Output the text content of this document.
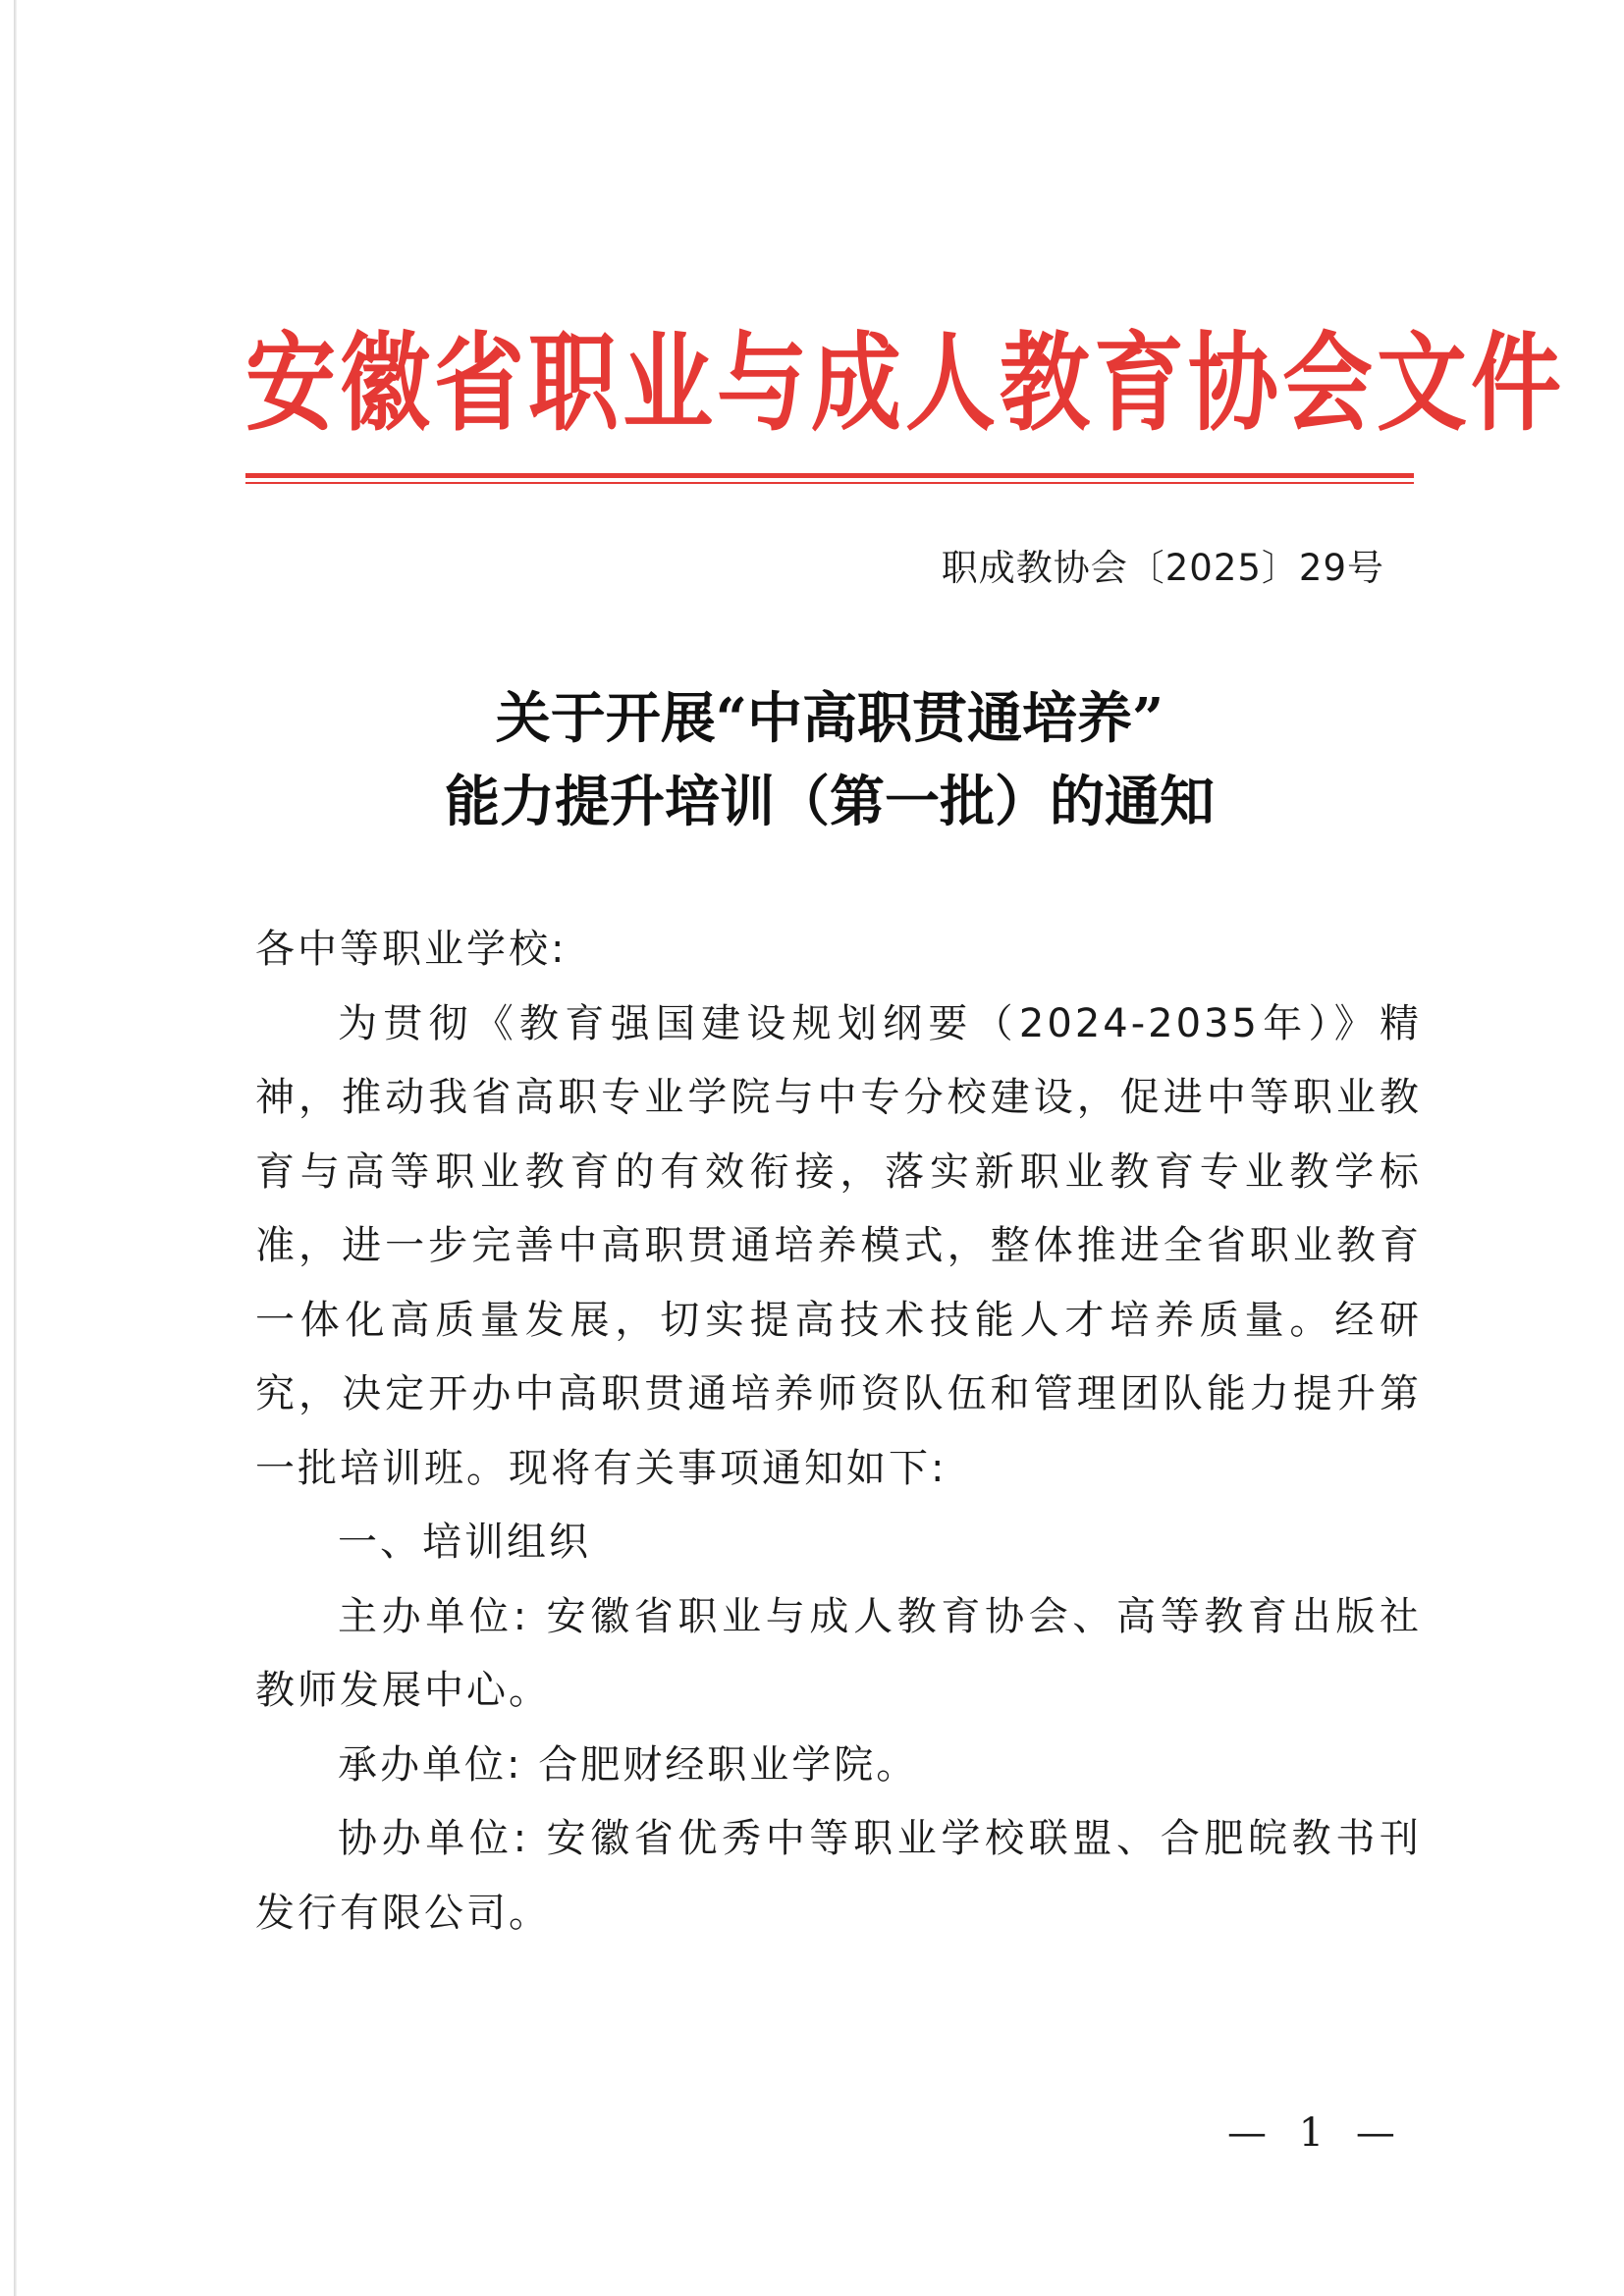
安徽省职业与成人教育协会文件
职成教协会〔2025〕29号
关于开展“中高职贯通培养”
能力提升培训（第一批）的通知

各中等职业学校:

为贯彻《教育强国建设规划纲要（2024-2035年）》精神，推动我省高职专业学院与中专分校建设，促进中等职业教育与高等职业教育的有效衔接，落实新职业教育专业教学标准，进一步完善中高职贯通培养模式，整体推进全省职业教育一体化高质量发展，切实提高技术技能人才培养质量。经研究，决定开办中高职贯通培养师资队伍和管理团队能力提升第一批培训班。现将有关事项通知如下:

一、培训组织

主办单位: 安徽省职业与成人教育协会、高等教育出版社教师发展中心。

承办单位: 合肥财经职业学院。

协办单位: 安徽省优秀中等职业学校联盟、合肥皖教书刊发行有限公司。

— 1 —
